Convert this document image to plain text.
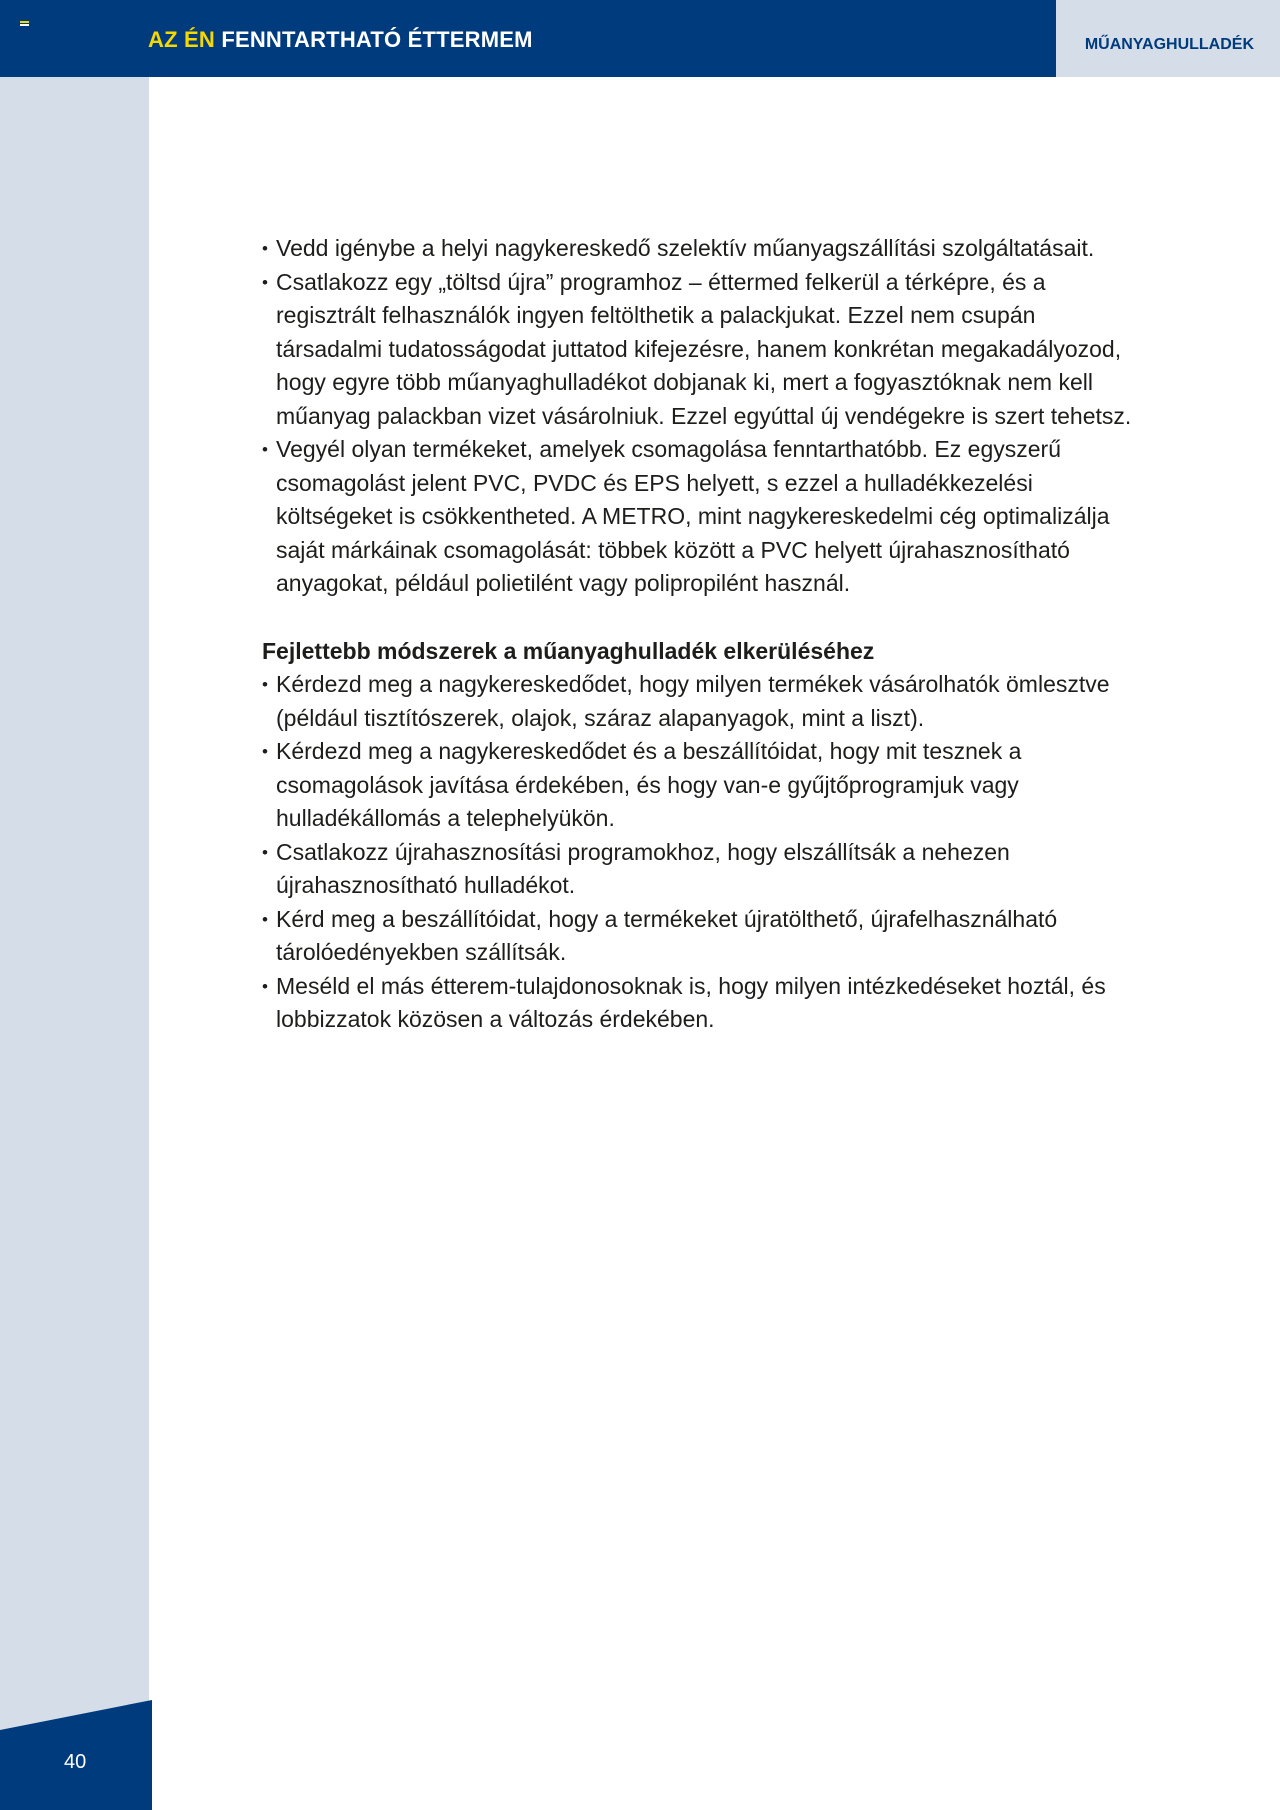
AZ ÉN FENNTARTHATÓ ÉTTERMEM	MŰANYAGHULLADÉK
40
• Vedd igénybe a helyi nagykereskedő szelektív műanyagszállítási szolgáltatásait.
• Csatlakozz egy „töltsd újra” programhoz – éttermed felkerül a térképre, és a regisztrált felhasználók ingyen feltölthetik a palackjukat. Ezzel nem csupán társadalmi tudatosságodat juttatod kifejezésre, hanem konkrétan megakadályozod, hogy egyre több műanyaghulladékot dobjanak ki, mert a fogyasztóknak nem kell műanyag palackban vizet vásárolniuk. Ezzel egyúttal új vendégekre is szert tehetsz.
• Vegyél olyan termékeket, amelyek csomagolása fenntarthatóbb. Ez egyszerű csomagolást jelent PVC, PVDC és EPS helyett, s ezzel a hulladékkezelési költségeket is csökkentheted. A METRO, mint nagykereskedelmi cég optimalizálja saját márkáinak csomagolását: többek között a PVC helyett újrahasznosítható anyagokat, például polietilént vagy polipropilént használ.
Fejlettebb módszerek a műanyaghulladék elkerüléséhez
• Kérdezd meg a nagykereskedődet, hogy milyen termékek vásárolhatók ömlesztve (például tisztítószerek, olajok, száraz alapanyagok, mint a liszt).
• Kérdezd meg a nagykereskedődet és a beszállítóidat, hogy mit tesznek a csomagolások javítása érdekében, és hogy van-e gyűjtőprogramjuk vagy hulladékállomás a telephelyükön.
• Csatlakozz újrahasznosítási programokhoz, hogy elszállítsák a nehezen újrahasznosítható hulladékot.
• Kérd meg a beszállítóidat, hogy a termékeket újratölthető, újrafelhasználható tárolóedényekben szállítsák.
• Meséld el más étterem-tulajdonosoknak is, hogy milyen intézkedéseket hoztál, és lobbizzatok közösen a változás érdekében.
